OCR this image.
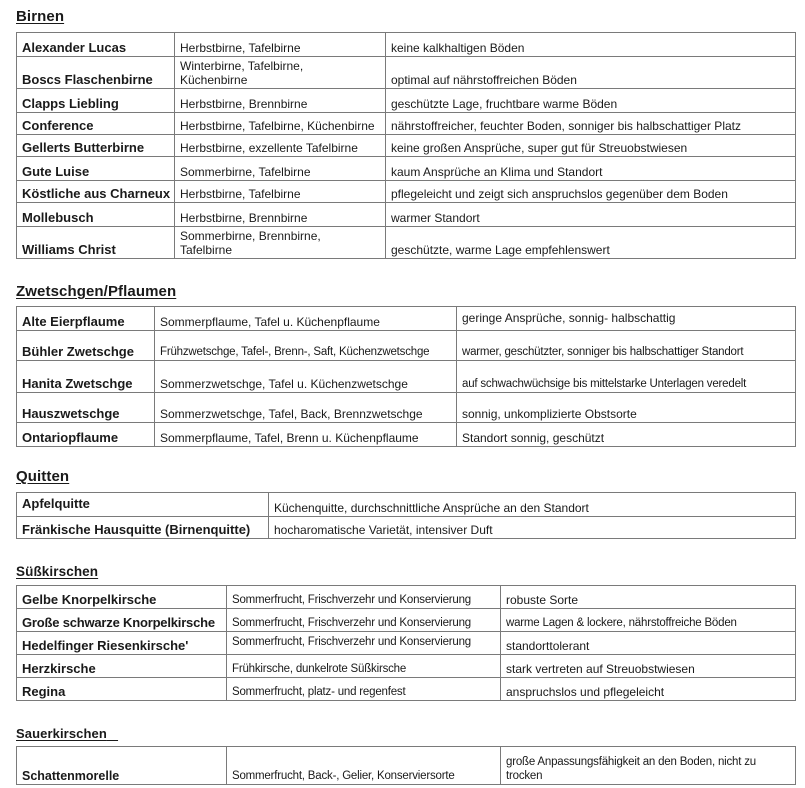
Birnen
Alexander Lucas	Herbstbirne, Tafelbirne	keine kalkhaltigen Böden
Boscs Flaschenbirne	Winterbirne, Tafelbirne, Küchenbirne	optimal auf nährstoffreichen Böden
Clapps Liebling	Herbstbirne, Brennbirne	geschützte Lage, fruchtbare warme Böden
Conference	Herbstbirne, Tafelbirne, Küchenbirne	nährstoffreicher, feuchter Boden, sonniger bis halbschattiger Platz
Gellerts Butterbirne	Herbstbirne, exzellente Tafelbirne	keine großen Ansprüche, super gut für Streuobstwiesen
Gute Luise	Sommerbirne, Tafelbirne	kaum Ansprüche an Klima und Standort
Köstliche aus Charneux	Herbstbirne, Tafelbirne	pflegeleicht und zeigt sich anspruchslos gegenüber dem Boden
Mollebusch	Herbstbirne, Brennbirne	warmer Standort
Williams Christ	Sommerbirne, Brennbirne, Tafelbirne	geschützte, warme Lage empfehlenswert
Zwetschgen/Pflaumen
Alte Eierpflaume	Sommerpflaume, Tafel u. Küchenpflaume	geringe Ansprüche, sonnig- halbschattig
Bühler Zwetschge	Frühzwetschge, Tafel-, Brenn-, Saft, Küchenzwetschge	warmer, geschützter, sonniger bis halbschattiger Standort
Hanita Zwetschge	Sommerzwetschge, Tafel u. Küchenzwetschge	auf schwachwüchsige bis mittelstarke Unterlagen veredelt
Hauszwetschge	Sommerzwetschge, Tafel, Back, Brennzwetschge	sonnig, unkomplizierte Obstsorte
Ontariopflaume	Sommerpflaume, Tafel, Brenn u. Küchenpflaume	Standort sonnig, geschützt
Quitten
Apfelquitte	Küchenquitte, durchschnittliche Ansprüche an den Standort
Fränkische Hausquitte (Birnenquitte)	hocharomatische Varietät, intensiver Duft
Süßkirschen
Gelbe Knorpelkirsche	Sommerfrucht, Frischverzehr und Konservierung	robuste Sorte
Große schwarze Knorpelkirsche	Sommerfrucht, Frischverzehr und Konservierung	warme Lagen & lockere, nährstoffreiche Böden
Hedelfinger Riesenkirsche'	Sommerfrucht, Frischverzehr und Konservierung	standorttolerant
Herzkirsche	Frühkirsche, dunkelrote Süßkirsche	stark vertreten auf Streuobstwiesen
Regina	Sommerfrucht, platz- und regenfest	anspruchslos und pflegeleicht
Sauerkirschen
Schattenmorelle	Sommerfrucht, Back-, Gelier, Konserviersorte	große Anpassungsfähigkeit an den Boden, nicht zu trocken
